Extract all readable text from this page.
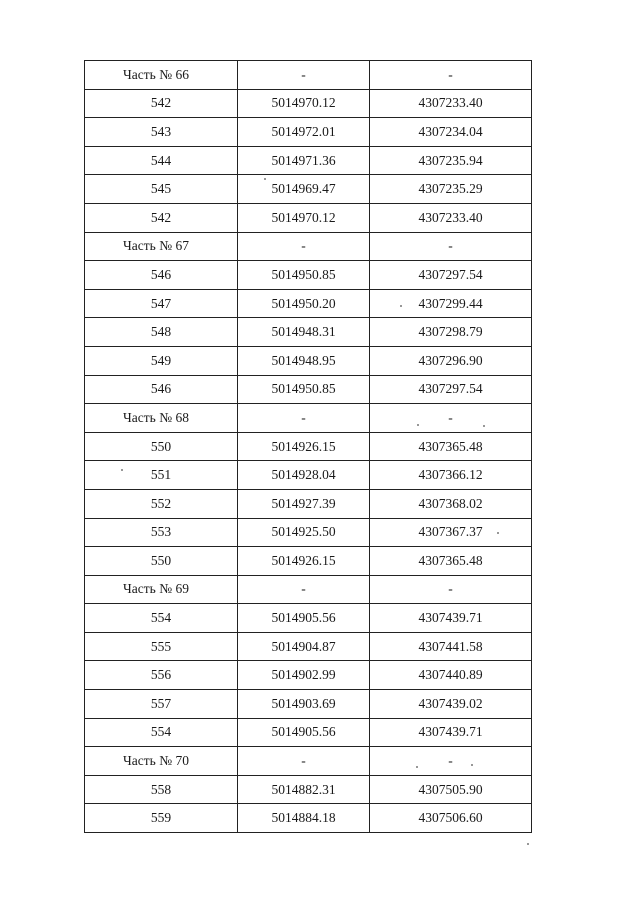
Часть № 66	-	-
542	5014970.12	4307233.40
543	5014972.01	4307234.04
544	5014971.36	4307235.94
545	5014969.47	4307235.29
542	5014970.12	4307233.40
Часть № 67	-	-
546	5014950.85	4307297.54
547	5014950.20	4307299.44
548	5014948.31	4307298.79
549	5014948.95	4307296.90
546	5014950.85	4307297.54
Часть № 68	-	-
550	5014926.15	4307365.48
551	5014928.04	4307366.12
552	5014927.39	4307368.02
553	5014925.50	4307367.37
550	5014926.15	4307365.48
Часть № 69	-	-
554	5014905.56	4307439.71
555	5014904.87	4307441.58
556	5014902.99	4307440.89
557	5014903.69	4307439.02
554	5014905.56	4307439.71
Часть № 70	-	-
558	5014882.31	4307505.90
559	5014884.18	4307506.60
